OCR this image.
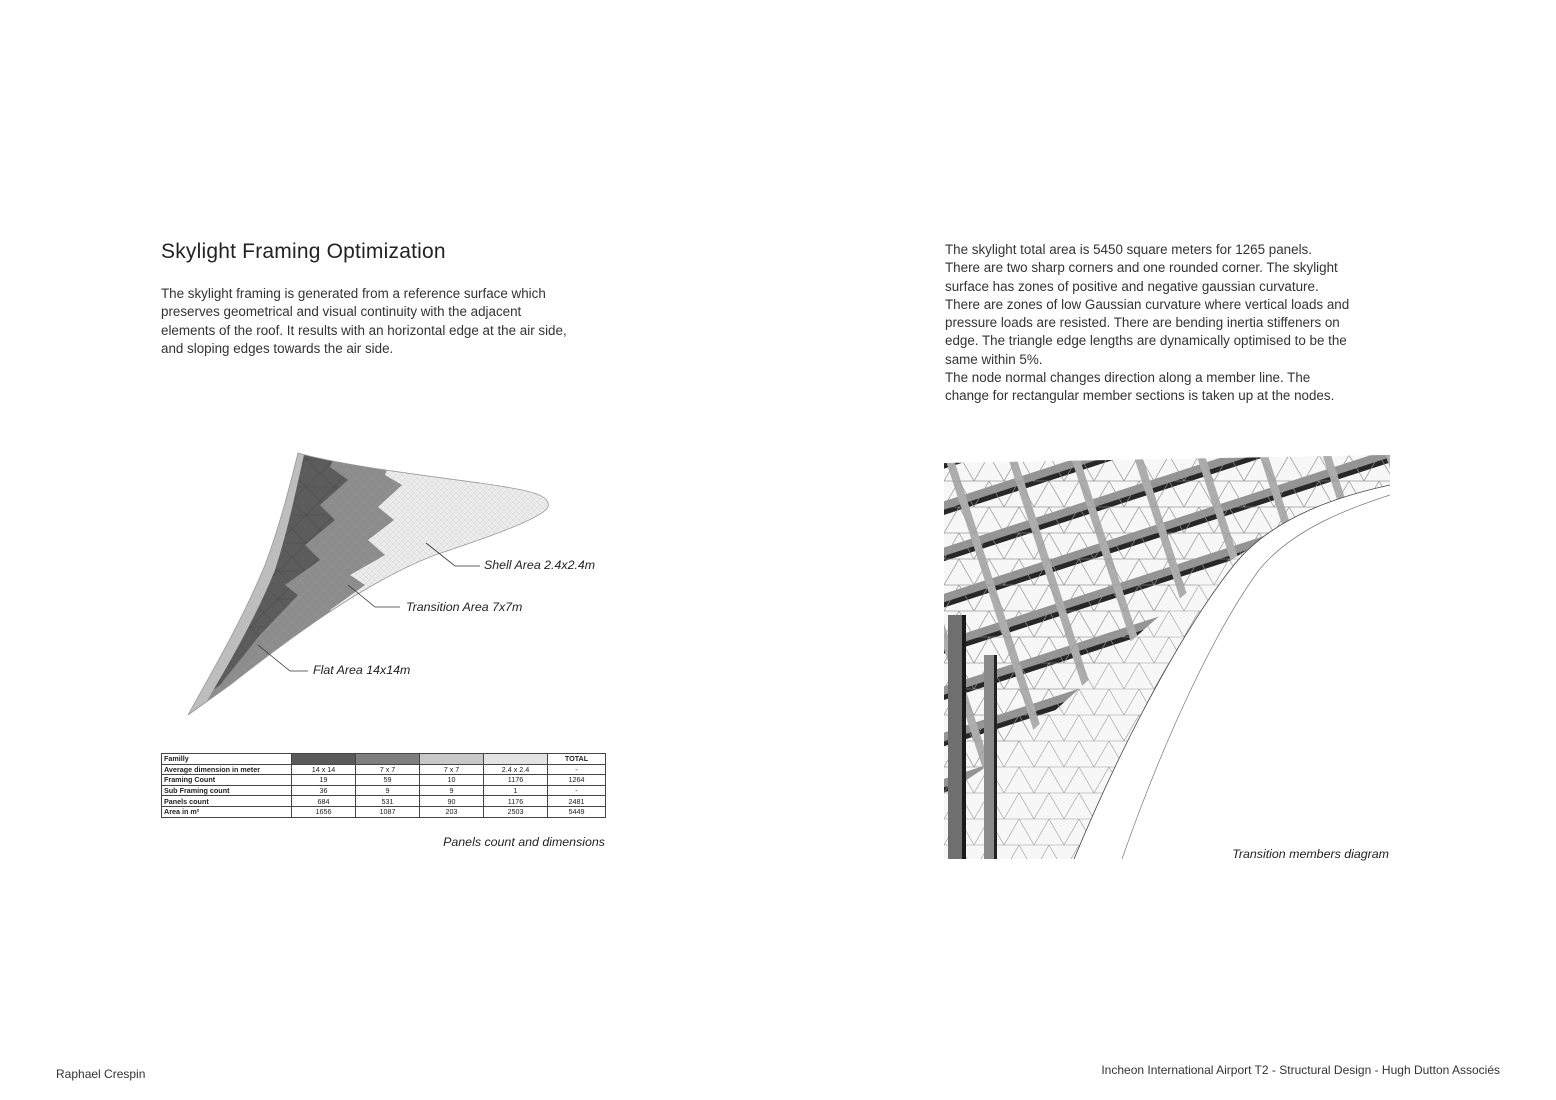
Skylight Framing Optimization
The skylight framing is generated from a reference surface which
preserves geometrical and visual continuity with the adjacent
elements of the roof. It results with an horizontal edge at the air side,
and sloping edges towards the air side.
The skylight total area is 5450 square meters for 1265 panels.
There are two sharp corners and one rounded corner. The skylight
surface has zones of positive and negative gaussian curvature.
There are zones of low Gaussian curvature where vertical loads and
pressure loads are resisted. There are bending inertia stiffeners on
edge. The triangle edge lengths are dynamically optimised to be the
same within 5%.
The node normal changes direction along a member line. The
change for rectangular member sections is taken up at the nodes.
Shell Area 2.4x2.4m
Transition Area 7x7m
Flat Area 14x14m
Familly					TOTAL
Average dimension in meter	14 x 14	7 x 7	7 x 7	2.4 x 2.4	-
Framing Count	19	59	10	1176	1264
Sub Framing count	36	9	9	1	-
Panels count	684	531	90	1176	2481
Area in m²	1656	1087	203	2503	5449
Panels count and dimensions
Transition members diagram
Raphael Crespin	Incheon International Airport T2 - Structural Design - Hugh Dutton Associés
